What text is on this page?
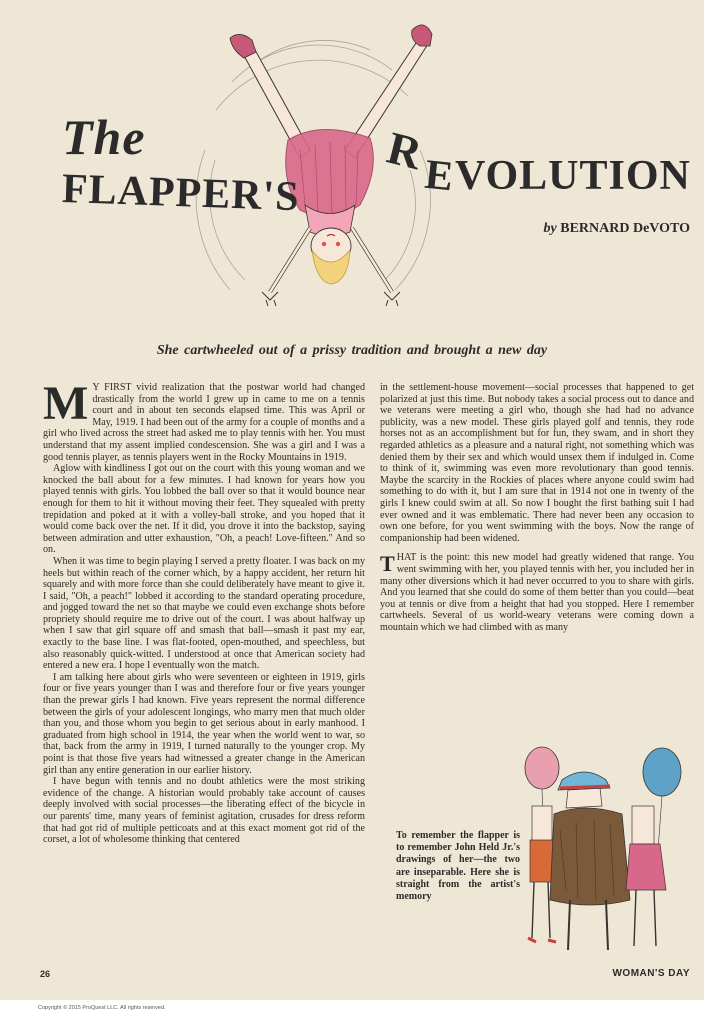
The
FLAPPER'S
R
E VOLUTION
by BERNARD DeVOTO
She cartwheeled out of a prissy tradition and brought a new day

M Y FIRST vivid realization that the postwar world had changed drastically from the world I grew up in came to me on a tennis court and in about ten seconds elapsed time. This was April or May, 1919. I had been out of the army for a couple of months and a girl who lived across the street had asked me to play tennis with her. You must understand that my assent implied condescension. She was a girl and I was a good tennis player, as tennis players went in the Rocky Mountains in 1919.

Aglow with kindliness I got out on the court with this young woman and we knocked the ball about for a few minutes. I had known for years how you played tennis with girls. You lobbed the ball over so that it would bounce near enough for them to hit it without moving their feet. They squealed with pretty trepidation and poked at it with a volley-ball stroke, and you hoped that it would come back over the net. If it did, you drove it into the backstop, saying between admiration and utter exhaustion, "Oh, a peach! Love-fifteen." And so on.

When it was time to begin playing I served a pretty floater. I was back on my heels but within reach of the corner which, by a happy accident, her return hit squarely and with more force than she could deliberately have meant to give it. I said, "Oh, a peach!" lobbed it according to the standard operating procedure, and jogged toward the net so that maybe we could even exchange shots before propriety should require me to drive out of the court. I was about halfway up when I saw that girl square off and smash that ball—smash it past my ear, exactly to the base line. I was flat-footed, open-mouthed, and speechless, but also reasonably quick-witted. I understood at once that American society had entered a new era. I hope I eventually won the match.

I am talking here about girls who were seventeen or eighteen in 1919, girls four or five years younger than I was and therefore four or five years younger than the prewar girls I had known. Five years represent the normal difference between the girls of your adolescent longings, who marry men that much older than you, and those whom you begin to get serious about in early manhood. I graduated from high school in 1914, the year when the world went to war, so that, back from the army in 1919, I turned naturally to the younger crop. My point is that those five years had witnessed a greater change in the American girl than any entire generation in our earlier history.

I have begun with tennis and no doubt athletics were the most striking evidence of the change. A historian would probably take account of causes deeply involved with social processes—the liberating effect of the bicycle in our parents' time, many years of feminist agitation, crusades for dress reform that had got rid of multiple petticoats and at this exact moment got rid of the corset, a lot of wholesome thinking that centered

in the settlement-house movement—social processes that happened to get polarized at just this time. But nobody takes a social process out to dance and we veterans were meeting a girl who, though she had had no advance publicity, was a new model. These girls played golf and tennis, they rode horses not as an accomplishment but for fun, they swam, and in short they regarded athletics as a pleasure and a natural right, not something which was denied them by their sex and which would unsex them if indulged in. Come to think of it, swimming was even more revolutionary than good tennis. Maybe the scarcity in the Rockies of places where anyone could swim had something to do with it, but I am sure that in 1914 not one in twenty of the girls I knew could swim at all. So now I bought the first bathing suit I had ever owned and it was emblematic. There had never been any occasion to own one before, for you went swimming with the boys. Now the range of companionship had been widened.

THAT is the point: this new model had greatly widened that range. You went swimming with her, you played tennis with her, you included her in many other diversions which it had never occurred to you to share with girls. And you learned that she could do some of them better than you could—beat you at tennis or dive from a height that had you stopped. Here I remember cartwheels. Several of us world-weary veterans were coming down a mountain which we had climbed with as many

To remember the flapper is to remember John Held Jr.'s drawings of her—the two are inseparable. Here she is straight from the artist's memory
26	WOMAN'S DAY
Copyright © 2015 ProQuest LLC. All rights reserved.
